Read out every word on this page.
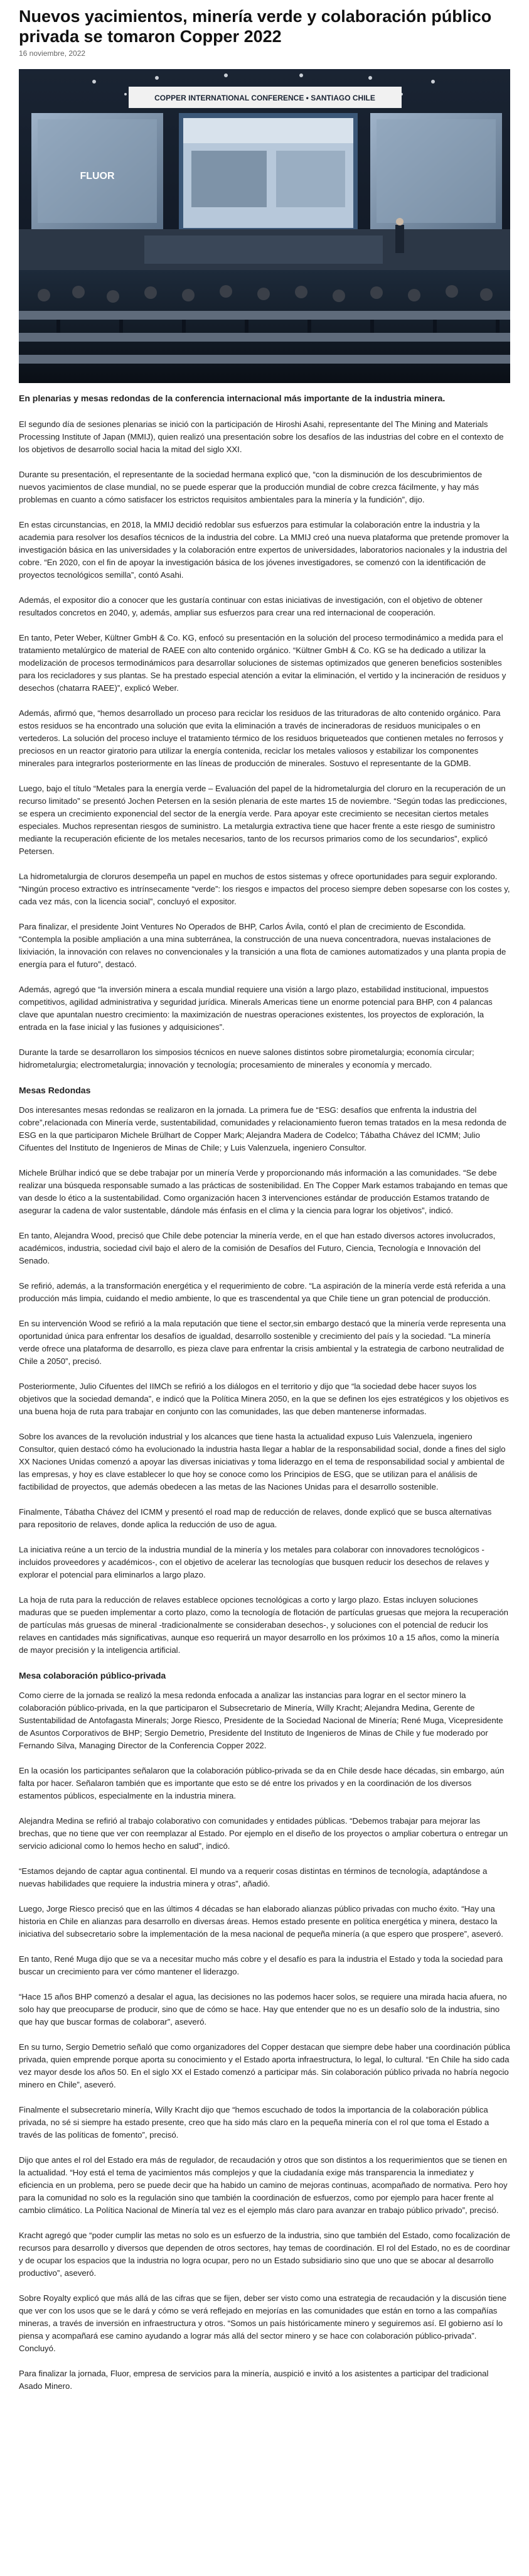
Nuevos yacimientos, minería verde y colaboración público privada se tomaron Copper 2022
16 noviembre, 2022
COPPER INTERNATIONAL CONFERENCE • SANTIAGO CHILE
FLUOR

En plenarias y mesas redondas de la conferencia internacional más importante de la industria minera.

El segundo día de sesiones plenarias se inició con la participación de Hiroshi Asahi, representante del The Mining and Materials Processing Institute of Japan (MMIJ), quien realizó una presentación sobre los desafíos de las industrias del cobre en el contexto de los objetivos de desarrollo social hacia la mitad del siglo XXI.

Durante su presentación, el representante de la sociedad hermana explicó que, “con la disminución de los descubrimientos de nuevos yacimientos de clase mundial, no se puede esperar que la producción mundial de cobre crezca fácilmente, y hay más problemas en cuanto a cómo satisfacer los estrictos requisitos ambientales para la minería y la fundición”, dijo.

En estas circunstancias, en 2018, la MMIJ decidió redoblar sus esfuerzos para estimular la colaboración entre la industria y la academia para resolver los desafíos técnicos de la industria del cobre. La MMIJ creó una nueva plataforma que pretende promover la investigación básica en las universidades y la colaboración entre expertos de universidades, laboratorios nacionales y la industria del cobre. “En 2020, con el fin de apoyar la investigación básica de los jóvenes investigadores, se comenzó con la identificación de proyectos tecnológicos semilla”, contó Asahi.

Además, el expositor dio a conocer que les gustaría continuar con estas iniciativas de investigación, con el objetivo de obtener resultados concretos en 2040, y, además, ampliar sus esfuerzos para crear una red internacional de cooperación.

En tanto, Peter Weber, Kültner GmbH & Co. KG, enfocó su presentación en la solución del proceso termodinámico a medida para el tratamiento metalúrgico de material de RAEE con alto contenido orgánico. “Kültner GmbH & Co. KG se ha dedicado a utilizar la modelización de procesos termodinámicos para desarrollar soluciones de sistemas optimizados que generen beneficios sostenibles para los recicladores y sus plantas. Se ha prestado especial atención a evitar la eliminación, el vertido y la incineración de residuos y desechos (chatarra RAEE)”, explicó Weber.

Además, afirmó que, “hemos desarrollado un proceso para reciclar los residuos de las trituradoras de alto contenido orgánico. Para estos residuos se ha encontrado una solución que evita la eliminación a través de incineradoras de residuos municipales o en vertederos. La solución del proceso incluye el tratamiento térmico de los residuos briqueteados que contienen metales no ferrosos y preciosos en un reactor giratorio para utilizar la energía contenida, reciclar los metales valiosos y estabilizar los componentes minerales para integrarlos posteriormente en las líneas de producción de minerales. Sostuvo el representante de la GDMB.

Luego, bajo el título “Metales para la energía verde – Evaluación del papel de la hidrometalurgia del cloruro en la recuperación de un recurso limitado” se presentó Jochen Petersen en la sesión plenaria de este martes 15 de noviembre. “Según todas las predicciones, se espera un crecimiento exponencial del sector de la energía verde. Para apoyar este crecimiento se necesitan ciertos metales especiales. Muchos representan riesgos de suministro. La metalurgia extractiva tiene que hacer frente a este riesgo de suministro mediante la recuperación eficiente de los metales necesarios, tanto de los recursos primarios como de los secundarios”, explicó Petersen.

La hidrometalurgia de cloruros desempeña un papel en muchos de estos sistemas y ofrece oportunidades para seguir explorando. “Ningún proceso extractivo es intrínsecamente “verde”: los riesgos e impactos del proceso siempre deben sopesarse con los costes y, cada vez más, con la licencia social”, concluyó el expositor.

Para finalizar, el presidente Joint Ventures No Operados de BHP, Carlos Ávila, contó el plan de crecimiento de Escondida. “Contempla la posible ampliación a una mina subterránea, la construcción de una nueva concentradora, nuevas instalaciones de lixiviación, la innovación con relaves no convencionales y la transición a una flota de camiones automatizados y una planta propia de energía para el futuro”, destacó.

Además, agregó que “la inversión minera a escala mundial requiere una visión a largo plazo, estabilidad institucional, impuestos competitivos, agilidad administrativa y seguridad jurídica. Minerals Americas tiene un enorme potencial para BHP, con 4 palancas clave que apuntalan nuestro crecimiento: la maximización de nuestras operaciones existentes, los proyectos de exploración, la entrada en la fase inicial y las fusiones y adquisiciones”.

Durante la tarde se desarrollaron los simposios técnicos en nueve salones distintos sobre pirometalurgia; economía circular; hidrometalurgia; electrometalurgia; innovación y tecnología; procesamiento de minerales y economía y mercado.

Mesas Redondas

Dos interesantes mesas redondas se realizaron en la jornada. La primera fue de “ESG: desafíos que enfrenta la industria del cobre”,relacionada con Minería verde, sustentabilidad, comunidades y relacionamiento fueron temas tratados en la mesa redonda de ESG en la que participaron Michele Brülhart de Copper Mark; Alejandra Madera de Codelco; Tábatha Chávez del ICMM; Julio Cifuentes del Instituto de Ingenieros de Minas de Chile; y Luis Valenzuela, ingeniero Consultor.

Michele Brülhar indicó que se debe trabajar por un minería Verde y proporcionando más información a las comunidades. “Se debe realizar una búsqueda responsable sumado a las prácticas de sostenibilidad. En The Copper Mark estamos trabajando en temas que van desde lo ético a la sustentabilidad. Como organización hacen 3 intervenciones estándar de producción Estamos tratando de asegurar la cadena de valor sustentable, dándole más énfasis en el clima y la ciencia para lograr los objetivos”, indicó.

En tanto, Alejandra Wood, precisó que Chile debe potenciar la minería verde, en el que han estado diversos actores involucrados, académicos, industria, sociedad civil bajo el alero de la comisión de Desafíos del Futuro, Ciencia, Tecnología e Innovación del Senado.

Se refirió, además, a la transformación energética y el requerimiento de cobre. “La aspiración de la minería verde está referida a una producción más limpia, cuidando el medio ambiente, lo que es trascendental ya que Chile tiene un gran potencial de producción.

En su intervención Wood se refirió a la mala reputación que tiene el sector,sin embargo destacó que la minería verde representa una oportunidad única para enfrentar los desafíos de igualdad, desarrollo sostenible y crecimiento del país y la sociedad. “La minería verde ofrece una plataforma de desarrollo, es pieza clave para enfrentar la crisis ambiental y la estrategia de carbono neutralidad de Chile a 2050”, precisó.

Posteriormente, Julio Cifuentes del IIMCh se refirió a los diálogos en el territorio y dijo que “la sociedad debe hacer suyos los objetivos que la sociedad demanda”, e indicó que la Política Minera 2050, en la que se definen los ejes estratégicos y los objetivos es una buena hoja de ruta para trabajar en conjunto con las comunidades, las que deben mantenerse informadas.

Sobre los avances de la revolución industrial y los alcances que tiene hasta la actualidad expuso Luis Valenzuela, ingeniero Consultor, quien destacó cómo ha evolucionado la industria hasta llegar a hablar de la responsabilidad social, donde a fines del siglo XX Naciones Unidas comenzó a apoyar las diversas iniciativas y toma liderazgo en el tema de responsabilidad social y ambiental de las empresas, y hoy es clave establecer lo que hoy se conoce como los Principios de ESG, que se utilizan para el análisis de factibilidad de proyectos, que además obedecen a las metas de las Naciones Unidas para el desarrollo sostenible.

Finalmente, Tábatha Chávez del ICMM y presentó el road map de reducción de relaves, donde explicó que se busca alternativas para repositorio de relaves, donde aplica la reducción de uso de agua.

La iniciativa reúne a un tercio de la industria mundial de la minería y los metales para colaborar con innovadores tecnológicos -incluidos proveedores y académicos-, con el objetivo de acelerar las tecnologías que busquen reducir los desechos de relaves y explorar el potencial para eliminarlos a largo plazo.

La hoja de ruta para la reducción de relaves establece opciones tecnológicas a corto y largo plazo. Estas incluyen soluciones maduras que se pueden implementar a corto plazo, como la tecnología de flotación de partículas gruesas que mejora la recuperación de partículas más gruesas de mineral -tradicionalmente se consideraban desechos-, y soluciones con el potencial de reducir los relaves en cantidades más significativas, aunque eso requerirá un mayor desarrollo en los próximos 10 a 15 años, como la minería de mayor precisión y la inteligencia artificial.

Mesa colaboración público-privada

Como cierre de la jornada se realizó la mesa redonda enfocada a analizar las instancias para lograr en el sector minero la colaboración público-privada, en la que participaron el Subsecretario de Minería, Willy Kracht; Alejandra Medina, Gerente de Sustentabilidad de Antofagasta Minerals; Jorge Riesco, Presidente de la Sociedad Nacional de Minería; René Muga, Vicepresidente de Asuntos Corporativos de BHP; Sergio Demetrio, Presidente del Instituto de Ingenieros de Minas de Chile y fue moderado por Fernando Silva, Managing Director de la Conferencia Copper 2022.

En la ocasión los participantes señalaron que la colaboración público-privada se da en Chile desde hace décadas, sin embargo, aún falta por hacer. Señalaron también que es importante que esto se dé entre los privados y en la coordinación de los diversos estamentos públicos, especialmente en la industria minera.

Alejandra Medina se refirió al trabajo colaborativo con comunidades y entidades públicas. “Debemos trabajar para mejorar las brechas, que no tiene que ver con reemplazar al Estado. Por ejemplo en el diseño de los proyectos o ampliar cobertura o entregar un servicio adicional como lo hemos hecho en salud”, indicó.

“Estamos dejando de captar agua continental. El mundo va a requerir cosas distintas en términos de tecnología, adaptándose a nuevas habilidades que requiere la industria minera y otras”, añadió.

Luego, Jorge Riesco precisó que en las últimos 4 décadas se han elaborado alianzas público privadas con mucho éxito. “Hay una historia en Chile en alianzas para desarrollo en diversas áreas. Hemos estado presente en política energética y minera, destaco la iniciativa del subsecretario sobre la implementación de la mesa nacional de pequeña minería (a que espero que prospere”, aseveró.

En tanto, René Muga dijo que se va a necesitar mucho más cobre y el desafío es para la industria el Estado y toda la sociedad para buscar un crecimiento para ver cómo mantener el liderazgo.

“Hace 15 años BHP comenzó a desalar el agua, las decisiones no las podemos hacer solos, se requiere una mirada hacia afuera, no solo hay que preocuparse de producir, sino que de cómo se hace. Hay que entender que no es un desafío solo de la industria, sino que hay que buscar formas de colaborar”, aseveró.

En su turno, Sergio Demetrio señaló que como organizadores del Copper destacan que siempre debe haber una coordinación pública privada, quien emprende porque aporta su conocimiento y el Estado aporta infraestructura, lo legal, lo cultural. “En Chile ha sido cada vez mayor desde los años 50. En el siglo XX el Estado comenzó a participar más. Sin colaboración público privada no habría negocio minero en Chile”, aseveró.

Finalmente el subsecretario minería, Willy Kracht dijo que “hemos escuchado de todos la importancia de la colaboración pública privada, no sé si siempre ha estado presente, creo que ha sido más claro en la pequeña minería con el rol que toma el Estado a través de las políticas de fomento”, precisó.

Dijo que antes el rol del Estado era más de regulador, de recaudación y otros que son distintos a los requerimientos que se tienen en la actualidad. “Hoy está el tema de yacimientos más complejos y que la ciudadanía exige más transparencia la inmediatez y eficiencia en un problema, pero se puede decir que ha habido un camino de mejoras continuas, acompañado de normativa. Pero hoy para la comunidad no solo es la regulación sino que también la coordinación de esfuerzos, como por ejemplo para hacer frente al cambio climático. La Política Nacional de Minería tal vez es el ejemplo más claro para avanzar en trabajo público privado”, precisó.

Kracht agregó que “poder cumplir las metas no solo es un esfuerzo de la industria, sino que también del Estado, como focalización de recursos para desarrollo y diversos que dependen de otros sectores, hay temas de coordinación. El rol del Estado, no es de coordinar y de ocupar los espacios que la industria no logra ocupar, pero no un Estado subsidiario sino que uno que se abocar al desarrollo productivo”, aseveró.

Sobre Royalty explicó que más allá de las cifras que se fijen, deber ser visto como una estrategia de recaudación y la discusión tiene que ver con los usos que se le dará y cómo se verá reflejado en mejorías en las comunidades que están en torno a las compañías mineras, a través de inversión en infraestructura y otros. “Somos un país históricamente minero y seguiremos así. El gobierno así lo piensa y acompañará ese camino ayudando a lograr más allá del sector minero y se hace con colaboración público-privada”. Concluyó.

Para finalizar la jornada, Fluor, empresa de servicios para la minería, auspició e invitó a los asistentes a participar del tradicional Asado Minero.
